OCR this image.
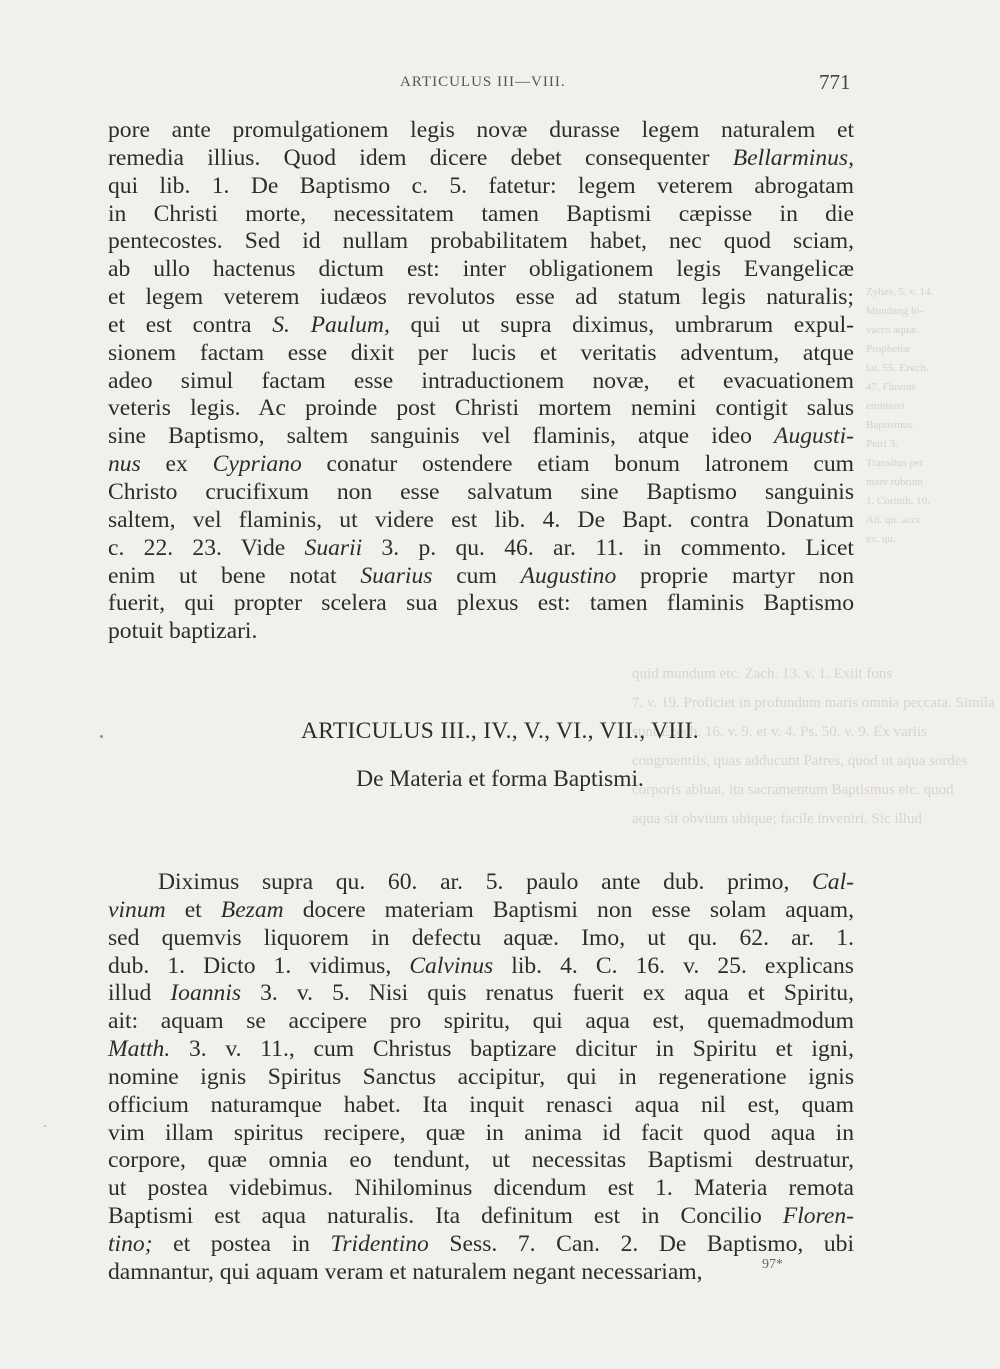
ARTICULUS III—VIII.	771
Zyhes, 5. v. 14.
Mundang lo-
vacro aquæ.
Prophetiæ
lat. 55. Ezech.
47. Fluvius
emitteret
Baptismus.
Petri 3.
Transitus per
mare rubrum
1. Corinth. 10.
Ad. qu. acce
ex. qu.
quid mundum etc. Zach. 13. v. 1. Exiit fons
7. v. 19. Proficiet in profundum maris omnia peccata. Simila
sunt Ezech. 16. v. 9. et v. 4. Ps. 50. v. 9. Ex variis
congruentiis, quas adducunt Patres, quod ut aqua sordes
corporis abluat, ita sacramentum Baptismus etc. quod
aqua sit obvium ubique; facile inveniri. Sic illud
pore ante promulgationem legis novæ durasse legem naturalem et
remedia illius. Quod idem dicere debet consequenter Bellarminus,
qui lib. 1. De Baptismo c. 5. fatetur: legem veterem abrogatam
in Christi morte, necessitatem tamen Baptismi cæpisse in die
pentecostes. Sed id nullam probabilitatem habet, nec quod sciam,
ab ullo hactenus dictum est: inter obligationem legis Evangelicæ
et legem veterem iudæos revolutos esse ad statum legis naturalis;
et est contra S. Paulum, qui ut supra diximus, umbrarum expul-
sionem factam esse dixit per lucis et veritatis adventum, atque
adeo simul factam esse intraductionem novæ, et evacuationem
veteris legis. Ac proinde post Christi mortem nemini contigit salus
sine Baptismo, saltem sanguinis vel flaminis, atque ideo Augusti-
nus ex Cypriano conatur ostendere etiam bonum latronem cum
Christo crucifixum non esse salvatum sine Baptismo sanguinis
saltem, vel flaminis, ut videre est lib. 4. De Bapt. contra Donatum
c. 22. 23. Vide Suarii 3. p. qu. 46. ar. 11. in commento. Licet
enim ut bene notat Suarius cum Augustino proprie martyr non
fuerit, qui propter scelera sua plexus est: tamen flaminis Baptismo
potuit baptizari.
ARTICULUS III., IV., V., VI., VII., VIII.
De Materia et forma Baptismi.
Diximus supra qu. 60. ar. 5. paulo ante dub. primo, Cal-
vinum et Bezam docere materiam Baptismi non esse solam aquam,
sed quemvis liquorem in defectu aquæ. Imo, ut qu. 62. ar. 1.
dub. 1. Dicto 1. vidimus, Calvinus lib. 4. C. 16. v. 25. explicans
illud Ioannis 3. v. 5. Nisi quis renatus fuerit ex aqua et Spiritu,
ait: aquam se accipere pro spiritu, qui aqua est, quemadmodum
Matth. 3. v. 11., cum Christus baptizare dicitur in Spiritu et igni,
nomine ignis Spiritus Sanctus accipitur, qui in regeneratione ignis
officium naturamque habet. Ita inquit renasci aqua nil est, quam
vim illam spiritus recipere, quæ in anima id facit quod aqua in
corpore, quæ omnia eo tendunt, ut necessitas Baptismi destruatur,
ut postea videbimus. Nihilominus dicendum est 1. Materia remota
Baptismi est aqua naturalis. Ita definitum est in Concilio Floren-
tino; et postea in Tridentino Sess. 7. Can. 2. De Baptismo, ubi
damnantur, qui aquam veram et naturalem negant necessariam,	97*
·
